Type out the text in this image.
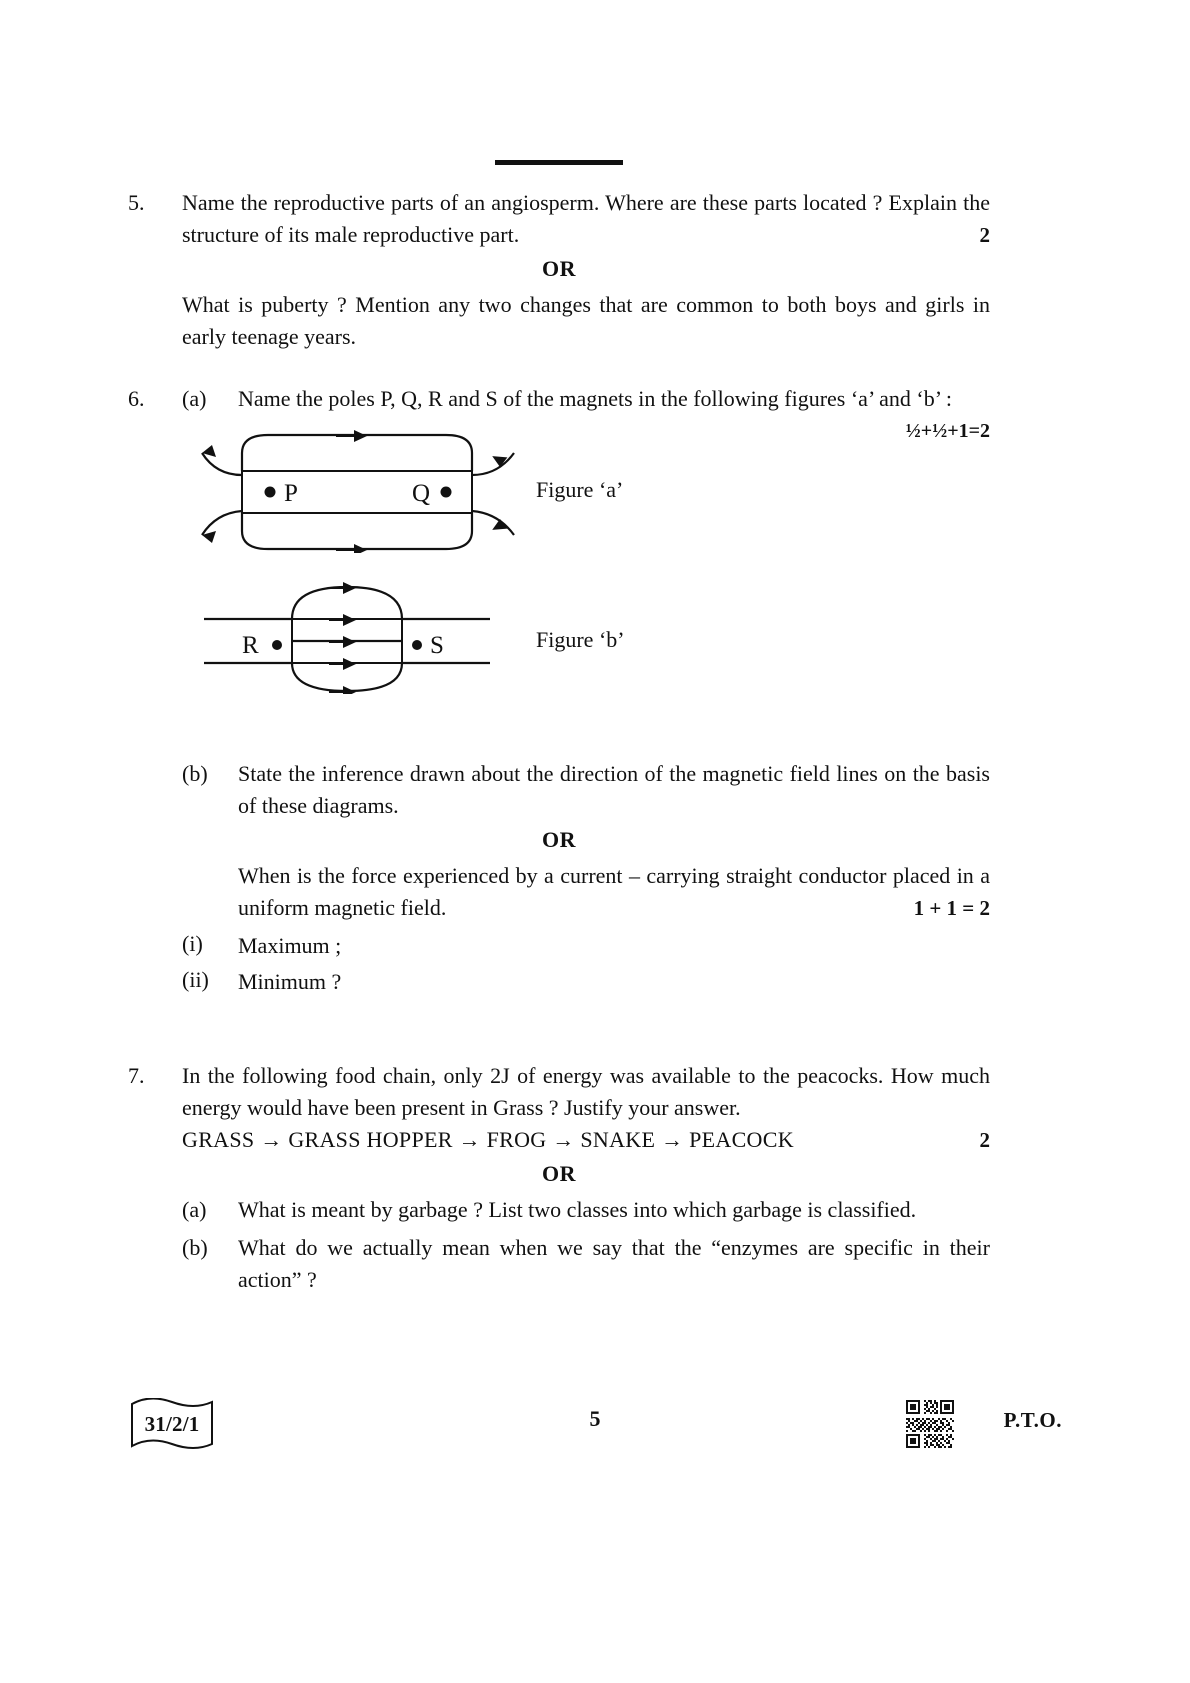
5.	Name the reproductive parts of an angiosperm. Where are these parts located ? Explain the structure of its male reproductive part.	2
OR
What is puberty ? Mention any two changes that are common to both boys and girls in early teenage years.
6.	(a)	Name the poles P, Q, R and S of the magnets in the following figures ‘a’ and ‘b’ :
½+½+1=2
P	Q	Figure ‘a’
R	S	Figure ‘b’
(b)	State the inference drawn about the direction of the magnetic field lines on the basis of these diagrams.
OR
When is the force experienced by a current – carrying straight conductor placed in a uniform magnetic field.	1 + 1 = 2
(i)	Maximum ;
(ii)	Minimum ?
7.	In the following food chain, only 2J of energy was available to the peacocks. How much energy would have been present in Grass ? Justify your answer.
2
GRASS → GRASS HOPPER → FROG → SNAKE → PEACOCK
OR
(a)	What is meant by garbage ? List two classes into which garbage is classified.
(b)	What do we actually mean when we say that the “enzymes are specific in their action” ?
31/2/1	5	P.T.O.
